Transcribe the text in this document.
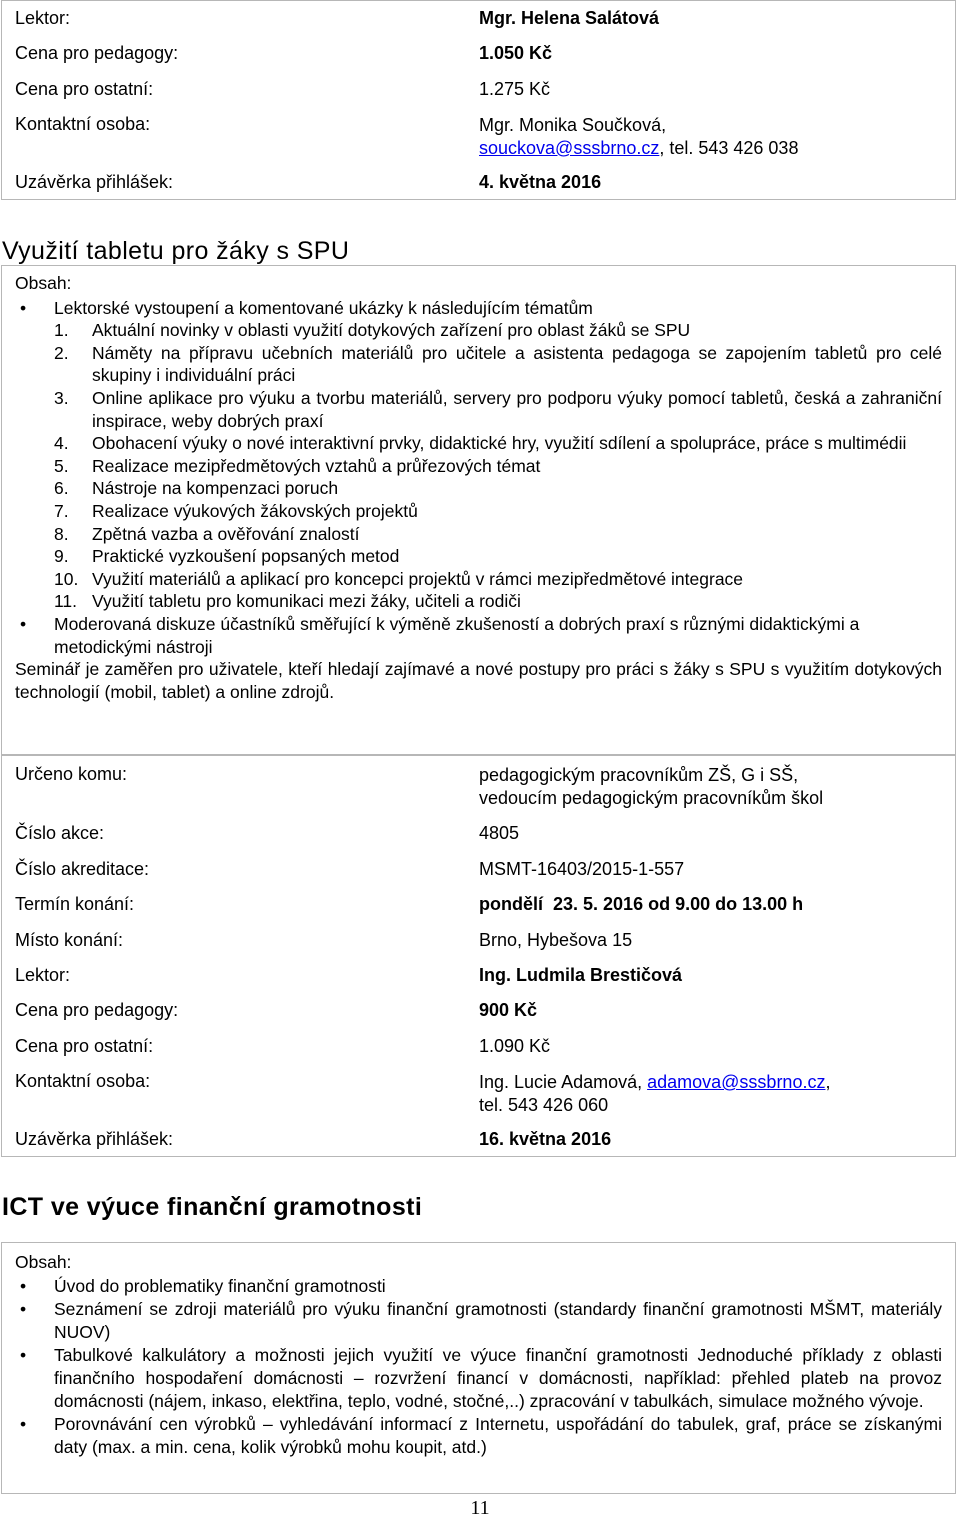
Lektor:	Mgr. Helena Salátová
Cena pro pedagogy:	1.050 Kč
Cena pro ostatní:	1.275 Kč
Kontaktní osoba:	Mgr. Monika Součková,
souckova@sssbrno.cz, tel. 543 426 038
Uzávěrka přihlášek:	4. května 2016
Využití tabletu pro žáky s SPU
Obsah:
• Lektorské vystoupení a komentované ukázky k následujícím tématům
1. Aktuální novinky v oblasti využití dotykových zařízení pro oblast žáků se SPU
2. Náměty na přípravu učebních materiálů pro učitele a asistenta pedagoga se zapojením tabletů pro celé skupiny i individuální práci
3. Online aplikace pro výuku a tvorbu materiálů, servery pro podporu výuky pomocí tabletů, česká a zahraniční inspirace, weby dobrých praxí
4. Obohacení výuky o nové interaktivní prvky, didaktické hry, využití sdílení a spolupráce, práce s multimédii
5. Realizace mezipředmětových vztahů a průřezových témat
6. Nástroje na kompenzaci poruch
7. Realizace výukových žákovských projektů
8. Zpětná vazba a ověřování znalostí
9. Praktické vyzkoušení popsaných metod
10. Využití materiálů a aplikací pro koncepci projektů v rámci mezipředmětové integrace
11. Využití tabletu pro komunikaci mezi žáky, učiteli a rodiči
• Moderovaná diskuze účastníků směřující k výměně zkušeností a dobrých praxí s různými didaktickými a metodickými nástroji
Seminář je zaměřen pro uživatele, kteří hledají zajímavé a nové postupy pro práci s žáky s SPU s využitím dotykových technologií (mobil, tablet) a online zdrojů.
Určeno komu:	pedagogickým pracovníkům ZŠ, G i SŠ,
vedoucím pedagogickým pracovníkům škol
Číslo akce:	4805
Číslo akreditace:	MSMT-16403/2015-1-557
Termín konání:	pondělí  23. 5. 2016 od 9.00 do 13.00 h
Místo konání:	Brno, Hybešova 15
Lektor:	Ing. Ludmila Brestičová
Cena pro pedagogy:	900 Kč
Cena pro ostatní:	1.090 Kč
Kontaktní osoba:	Ing. Lucie Adamová, adamova@sssbrno.cz,
tel. 543 426 060
Uzávěrka přihlášek:	16. května 2016
ICT ve výuce finanční gramotnosti
Obsah:
• Úvod do problematiky finanční gramotnosti
• Seznámení se zdroji materiálů pro výuku finanční gramotnosti (standardy finanční gramotnosti MŠMT, materiály NUOV)
• Tabulkové kalkulátory a možnosti jejich využití ve výuce finanční gramotnosti Jednoduché příklady z oblasti finančního hospodaření domácnosti – rozvržení financí v domácnosti, například: přehled plateb na provoz domácnosti (nájem, inkaso, elektřina, teplo, vodné, stočné,..) zpracování v tabulkách, simulace možného vývoje.
• Porovnávání cen výrobků – vyhledávání informací z Internetu, uspořádání do tabulek, graf, práce se získanými daty (max. a min. cena, kolik výrobků mohu koupit, atd.)
11
